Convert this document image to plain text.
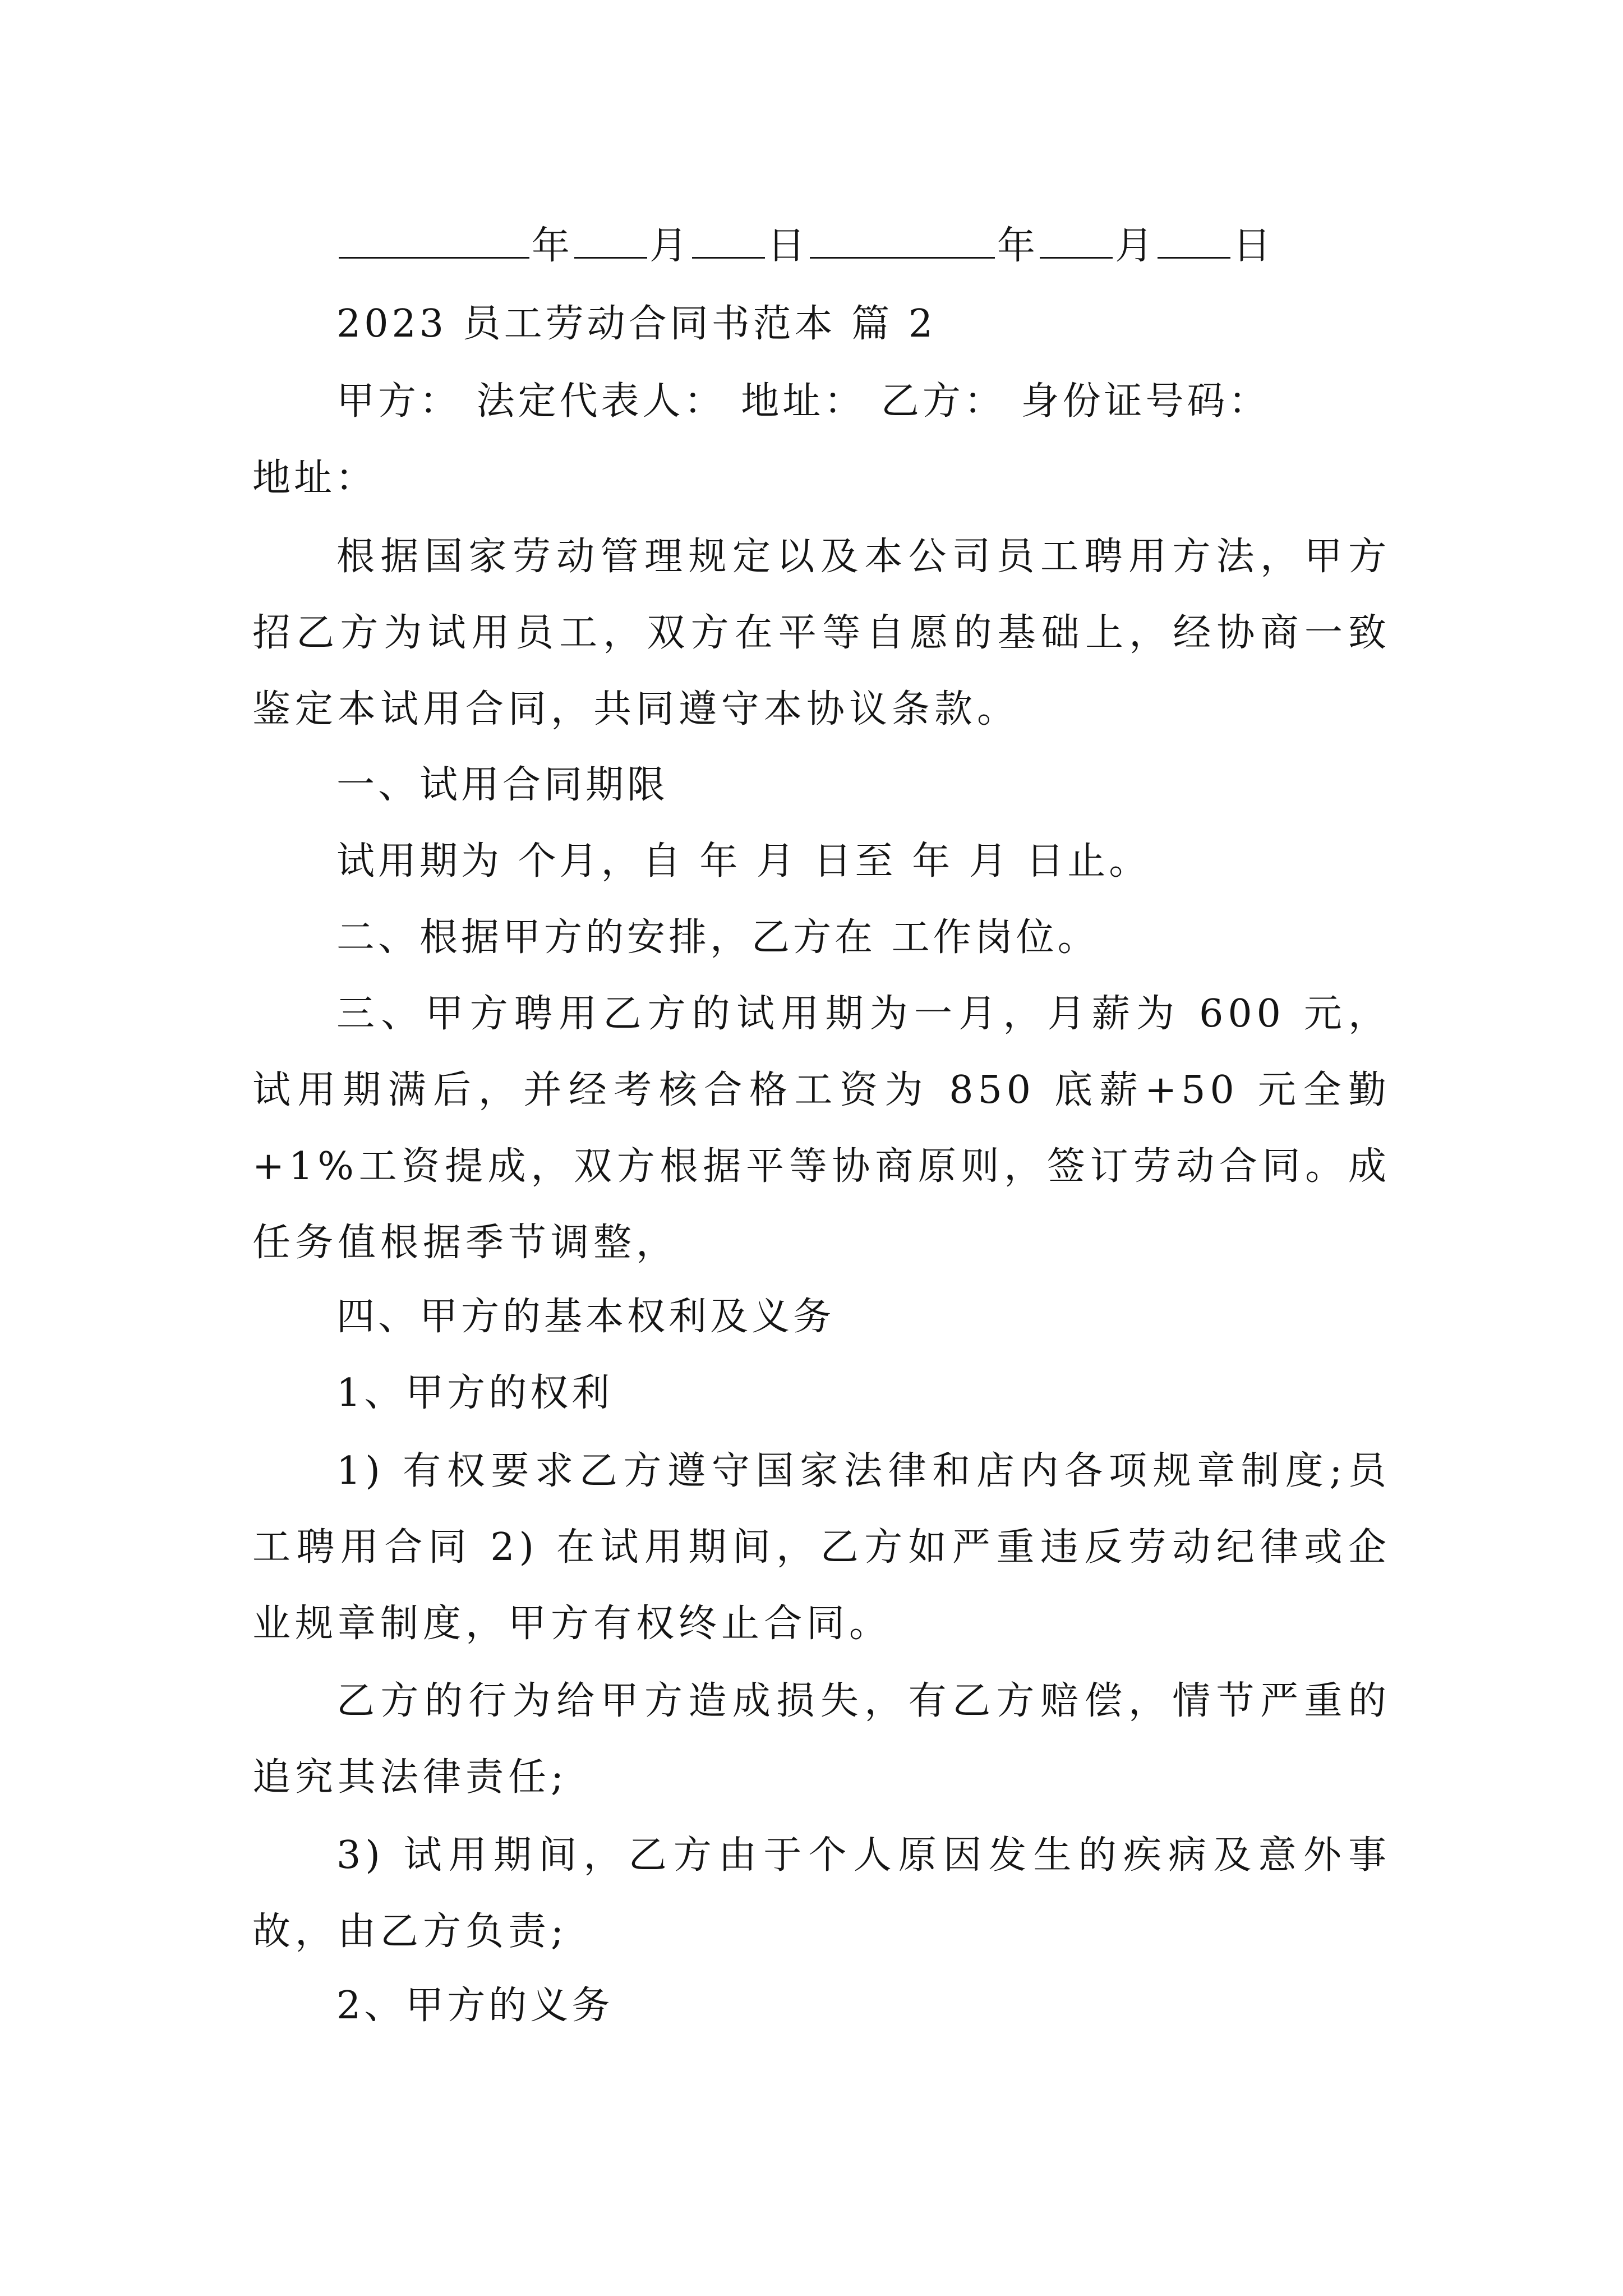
年 月 日	年 月 日
2023 员工劳动合同书范本 篇 2
甲方： 法定代表人： 地址： 乙方： 身份证号码：
地址：
根据国家劳动管理规定以及本公司员工聘用方法，甲方招乙方为试用员工，双方在平等自愿的基础上，经协商一致鉴定本试用合同，共同遵守本协议条款。
一、试用合同期限
试用期为 个月，自 年 月 日至 年 月 日止。
二、根据甲方的安排，乙方在 工作岗位。
三、甲方聘用乙方的试用期为一月，月薪为 600 元，试用期满后，并经考核合格工资为 850 底薪+50 元全勤+1%工资提成，双方根据平等协商原则，签订劳动合同。成任务值根据季节调整，
四、甲方的基本权利及义务
1、甲方的权利
1) 有权要求乙方遵守国家法律和店内各项规章制度;员工聘用合同 2) 在试用期间，乙方如严重违反劳动纪律或企业规章制度，甲方有权终止合同。
乙方的行为给甲方造成损失，有乙方赔偿，情节严重的追究其法律责任;
3) 试用期间，乙方由于个人原因发生的疾病及意外事故，由乙方负责;
2、甲方的义务
